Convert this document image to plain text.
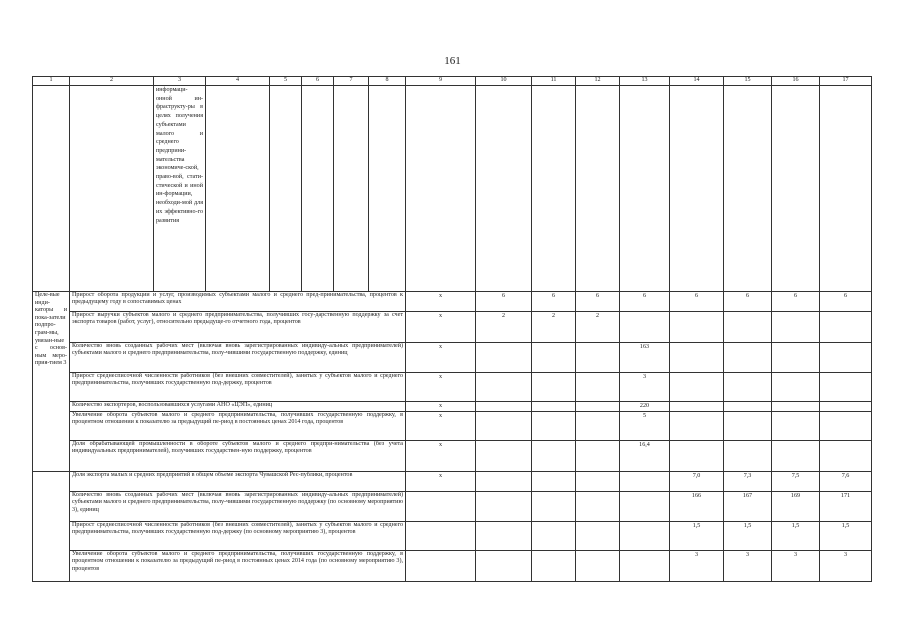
161
1	2	3	4	5	6	7	8	9	10	11	12	13	14	15	16	17
		информаци-онной ин-фраструкту-ры в целях получения субъектами малого и среднего предприни-мательства экономиче-ской, право-вой, стати-стической и иной ин-формации, необходи-мой для их эффективно-го развития														
Целе-вые инди-каторы и пока-затели подпро-грам-мы, увязан-ные с основ-ным меро-прия-тием 3	Прирост оборота продукции и услуг, производимых субъектами малого и среднего пред-принимательства, процентов к предыдущему году в сопоставимых ценах							х	6	6	6	6	6	6	6	6
	Прирост выручки субъектов малого и среднего предпринимательства, получивших госу-дарственную поддержку за счет экспорта товаров (работ, услуг), относительно предыдуще-го отчетного года, процентов							х	2	2	2					
	Количество вновь созданных рабочих мест (включая вновь зарегистрированных индивиду-альных предпринимателей) субъектами малого и среднего предпринимательства, полу-чившими государственную поддержку, единиц							х				163				
	Прирост среднесписочной численности работников (без внешних совместителей), занятых у субъектов малого и среднего предпринимательства, получивших государственную под-держку, процентов							х				3				
	Количество экспортеров, воспользовавшихся услугами АНО «ЦЭП», единиц							х				220				
	Увеличение оборота субъектов малого и среднего предпринимательства, получивших государственную поддержку, в процентном отношении к показателю за предыдущий пе-риод в постоянных ценах 2014 года, процентов							х				5				
	Доля обрабатывающей промышленности в обороте субъектов малого и среднего предпри-нимательства (без учета индивидуальных предпринимателей), получивших государствен-ную поддержку, процентов							х				16,4				
	Доля экспорта малых и средних предприятий в общем объеме экспорта Чувашской Рес-публики, процентов							х					7,0	7,3	7,5	7,6
	Количество вновь созданных рабочих мест (включая вновь зарегистрированных индивиду-альных предпринимателей) субъектами малого и среднего предпринимательства, полу-чившими государственную поддержку (по основному мероприятию 3), единиц												166	167	169	171
	Прирост среднесписочной численности работников (без внешних совместителей), занятых у субъектов малого и среднего предпринимательства, получивших государственную под-держку (по основному мероприятию 3), процентов												1,5	1,5	1,5	1,5
	Увеличение оборота субъектов малого и среднего предпринимательства, получивших государственную поддержку, в процентном отношении к показателю за предыдущий пе-риод в постоянных ценах 2014 года (по основному мероприятию 3), процентов												3	3	3	3
